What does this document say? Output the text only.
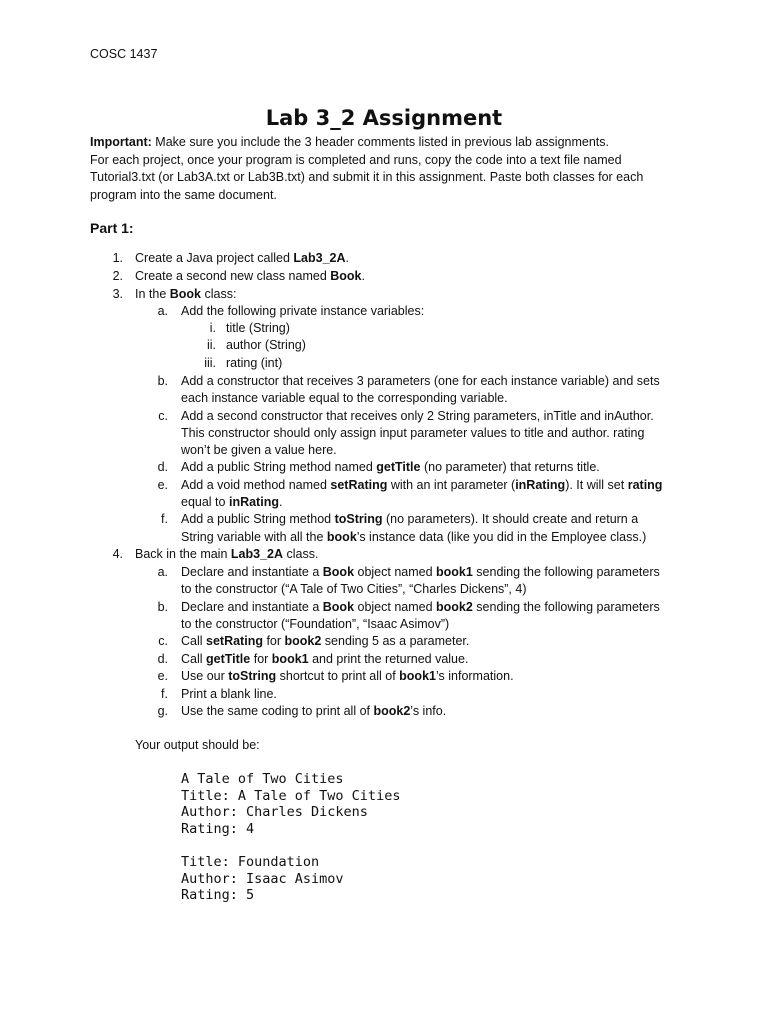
COSC 1437
Lab 3_2 Assignment

Important: Make sure you include the 3 header comments listed in previous lab assignments.

For each project, once your program is completed and runs, copy the code into a text file named

Tutorial3.txt (or Lab3A.txt or Lab3B.txt) and submit it in this assignment. Paste both classes for each

program into the same document.

Part 1:
1. Create a Java project called Lab3_2A.
2. Create a second new class named Book.
3. In the Book class:
a. Add the following private instance variables:
i. title (String)
ii. author (String)
iii. rating (int)
b. Add a constructor that receives 3 parameters (one for each instance variable) and sets
each instance variable equal to the corresponding variable.
c. Add a second constructor that receives only 2 String parameters, inTitle and inAuthor.
This constructor should only assign input parameter values to title and author. rating
won’t be given a value here.
d. Add a public String method named getTitle (no parameter) that returns title.
e. Add a void method named setRating with an int parameter (inRating). It will set rating
equal to inRating.
f. Add a public String method toString (no parameters). It should create and return a
String variable with all the book’s instance data (like you did in the Employee class.)
4. Back in the main Lab3_2A class.
a. Declare and instantiate a Book object named book1 sending the following parameters
to the constructor (“A Tale of Two Cities”, “Charles Dickens”, 4)
b. Declare and instantiate a Book object named book2 sending the following parameters
to the constructor (“Foundation”, “Isaac Asimov”)
c. Call setRating for book2 sending 5 as a parameter.
d. Call getTitle for book1 and print the returned value.
e. Use our toString shortcut to print all of book1’s information.
f. Print a blank line.
g. Use the same coding to print all of book2’s info.
Your output should be:
A Tale of Two Cities
Title: A Tale of Two Cities
Author: Charles Dickens
Rating: 4
Title: Foundation
Author: Isaac Asimov
Rating: 5
